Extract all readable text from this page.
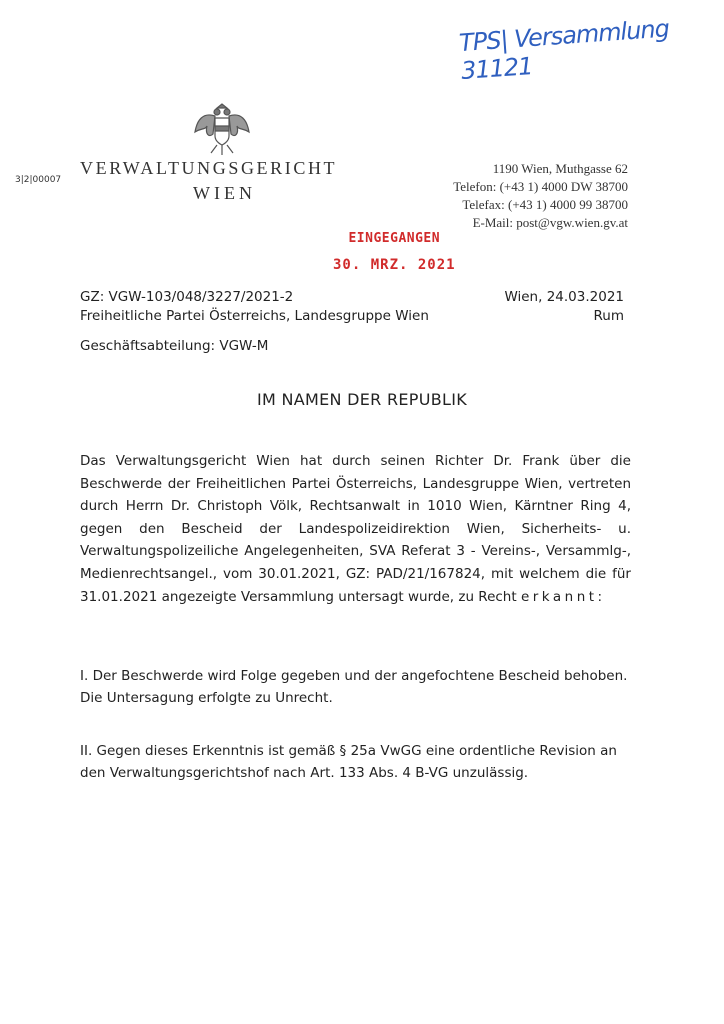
TPS| Versammlung 31121
3|2|00007
VERWALTUNGSGERICHT
WIEN
1190 Wien, Muthgasse 62
Telefon: (+43 1) 4000 DW 38700
Telefax: (+43 1) 4000 99 38700
E-Mail: post@vgw.wien.gv.at
EINGEGANGEN
30. MRZ. 2021
GZ: VGW-103/048/3227/2021-2
Freiheitliche Partei Österreichs, Landesgruppe Wien
Wien, 24.03.2021
Rum
Geschäftsabteilung: VGW-M
IM NAMEN DER REPUBLIK
Das Verwaltungsgericht Wien hat durch seinen Richter Dr. Frank über die Beschwerde der Freiheitlichen Partei Österreichs, Landesgruppe Wien, vertreten durch Herrn Dr. Christoph Völk, Rechtsanwalt in 1010 Wien, Kärntner Ring 4, gegen den Bescheid der Landespolizeidirektion Wien, Sicherheits- u. Verwaltungspolizeiliche Angelegenheiten, SVA Referat 3 - Vereins-, Versammlg-, Medienrechtsangel., vom 30.01.2021, GZ: PAD/21/167824, mit welchem die für 31.01.2021 angezeigte Versammlung untersagt wurde, zu Recht erkannt:
I. Der Beschwerde wird Folge gegeben und der angefochtene Bescheid behoben. Die Untersagung erfolgte zu Unrecht.
II. Gegen dieses Erkenntnis ist gemäß § 25a VwGG eine ordentliche Revision an den Verwaltungsgerichtshof nach Art. 133 Abs. 4 B-VG unzulässig.
